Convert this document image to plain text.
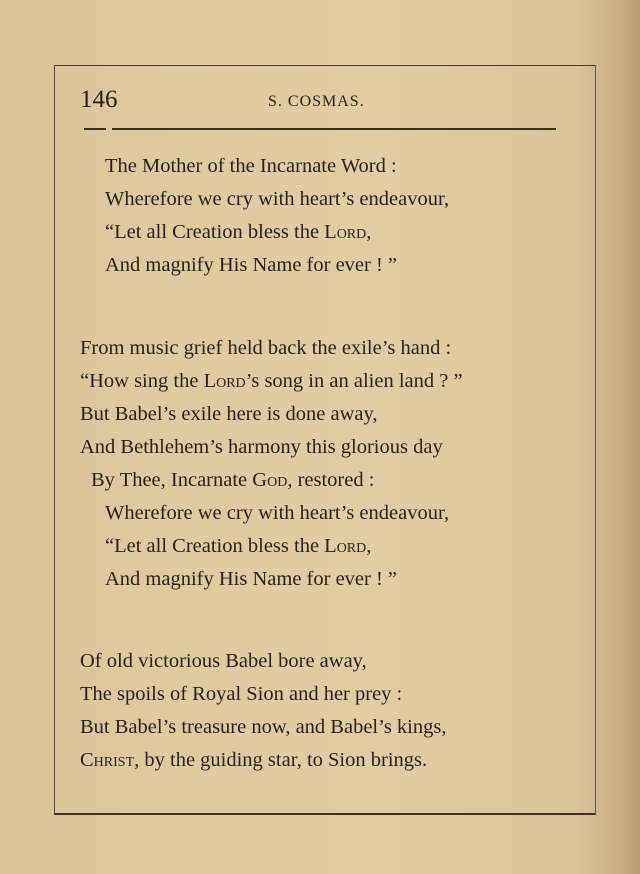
146	S. COSMAS.
The Mother of the Incarnate Word :
Wherefore we cry with heart’s endeavour,
“Let all Creation bless the Lord,
And magnify His Name for ever ! ”
From music grief held back the exile’s hand :
“How sing the Lord’s song in an alien land ? ”
But Babel’s exile here is done away,
And Bethlehem’s harmony this glorious day
By Thee, Incarnate God, restored :
Wherefore we cry with heart’s endeavour,
“Let all Creation bless the Lord,
And magnify His Name for ever ! ”
Of old victorious Babel bore away,
The spoils of Royal Sion and her prey :
But Babel’s treasure now, and Babel’s kings,
Christ, by the guiding star, to Sion brings.
